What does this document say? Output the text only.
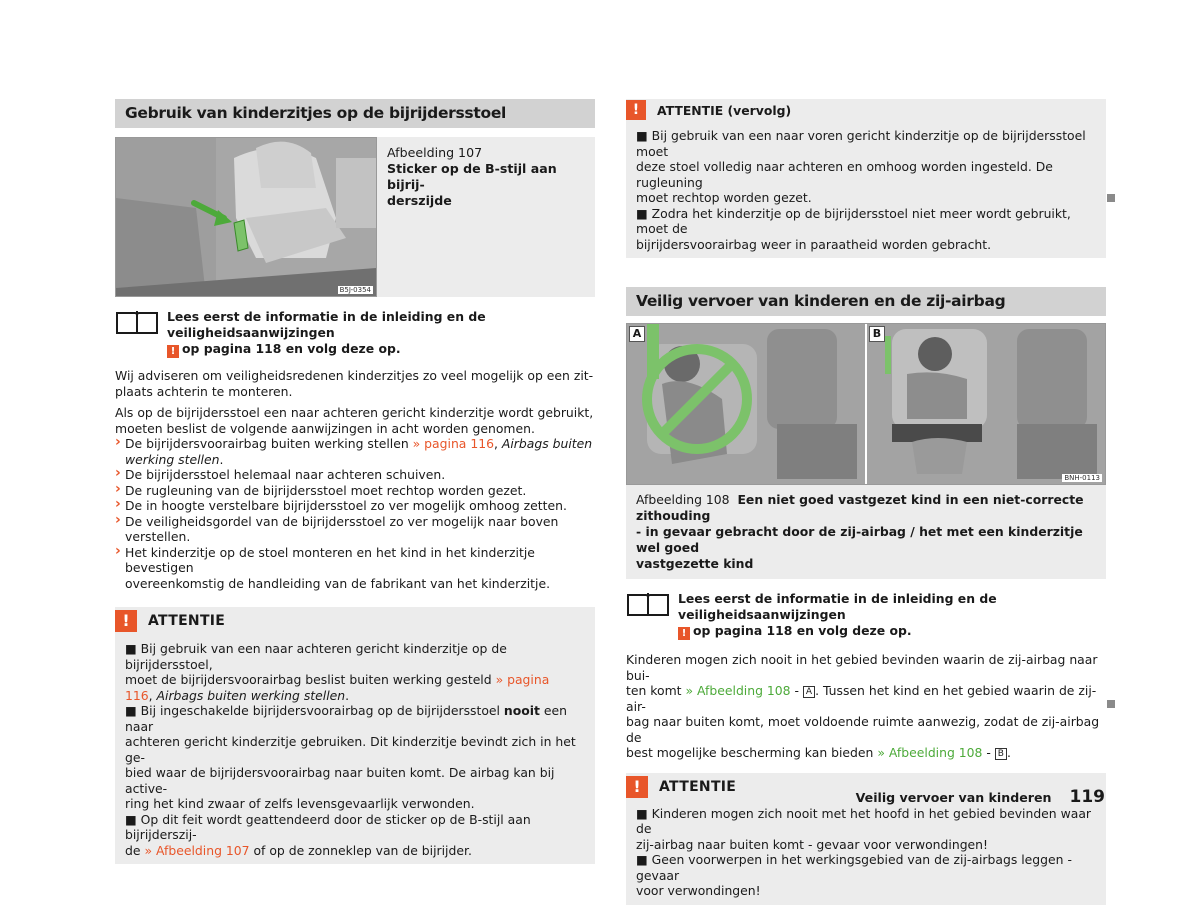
Gebruik van kinderzitjes op de bijrijdersstoel
B5J-0354
Afbeelding 107
Sticker op de B-stijl aan bijrij-
derszijde
Lees eerst de informatie in de inleiding en de veiligheidsaanwijzingen
! op pagina 118 en volg deze op.

Wij adviseren om veiligheidsredenen kinderzitjes zo veel mogelijk op een zit-
plaats achterin te monteren.

Als op de bijrijdersstoel een naar achteren gericht kinderzitje wordt gebruikt,
moeten beslist de volgende aanwijzingen in acht worden genomen.

› De bijrijdersvoorairbag buiten werking stellen » pagina 116, Airbags buiten
werking stellen.
› De bijrijdersstoel helemaal naar achteren schuiven.
› De rugleuning van de bijrijdersstoel moet rechtop worden gezet.
› De in hoogte verstelbare bijrijdersstoel zo ver mogelijk omhoog zetten.
› De veiligheidsgordel van de bijrijdersstoel zo ver mogelijk naar boven verstellen.
› Het kinderzitje op de stoel monteren en het kind in het kinderzitje bevestigen
overeenkomstig de handleiding van de fabrikant van het kinderzitje.
!	ATTENTIE

■ Bij gebruik van een naar achteren gericht kinderzitje op de bijrijdersstoel,

moet de bijrijdersvoorairbag beslist buiten werking gesteld » pagina

116, Airbags buiten werking stellen.

■ Bij ingeschakelde bijrijdersvoorairbag op de bijrijdersstoel nooit een naar

achteren gericht kinderzitje gebruiken. Dit kinderzitje bevindt zich in het ge-

bied waar de bijrijdersvoorairbag naar buiten komt. De airbag kan bij active-

ring het kind zwaar of zelfs levensgevaarlijk verwonden.

■ Op dit feit wordt geattendeerd door de sticker op de B-stijl aan bijrijderszij-

de » Afbeelding 107 of op de zonneklep van de bijrijder.

!	ATTENTIE (vervolg)

■ Bij gebruik van een naar voren gericht kinderzitje op de bijrijdersstoel moet

deze stoel volledig naar achteren en omhoog worden ingesteld. De rugleuning

moet rechtop worden gezet.

■ Zodra het kinderzitje op de bijrijdersstoel niet meer wordt gebruikt, moet de

bijrijdersvoorairbag weer in paraatheid worden gebracht.

Veilig vervoer van kinderen en de zij-airbag
A	B
BNH-0113
Afbeelding 108 Een niet goed vastgezet kind in een niet-correcte zithouding
- in gevaar gebracht door de zij-airbag / het met een kinderzitje wel goed
vastgezette kind
Lees eerst de informatie in de inleiding en de veiligheidsaanwijzingen
! op pagina 118 en volg deze op.
Kinderen mogen zich nooit in het gebied bevinden waarin de zij-airbag naar bui-
ten komt » Afbeelding 108 - A . Tussen het kind en het gebied waarin de zij-air-
bag naar buiten komt, moet voldoende ruimte aanwezig, zodat de zij-airbag de
best mogelijke bescherming kan bieden » Afbeelding 108 - B .
!	ATTENTIE

■ Kinderen mogen zich nooit met het hoofd in het gebied bevinden waar de

zij-airbag naar buiten komt - gevaar voor verwondingen!

■ Geen voorwerpen in het werkingsgebied van de zij-airbags leggen - gevaar

voor verwondingen!

Veilig vervoer van kinderen 119
